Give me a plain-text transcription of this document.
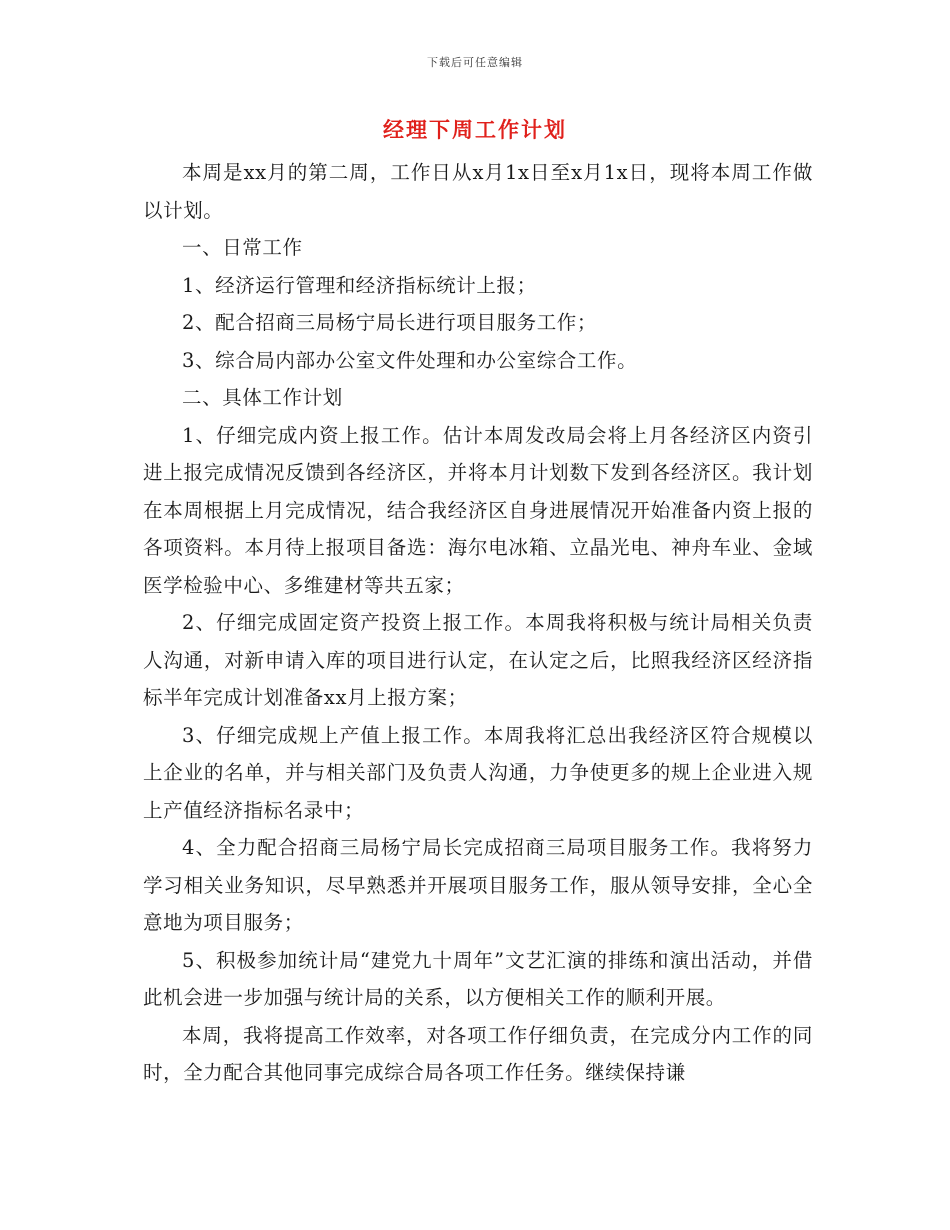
下载后可任意编辑
经理下周工作计划

本周是xx月的第二周，工作日从x月1x日至x月1x日，现将本周工作做以计划。

一、日常工作

1、经济运行管理和经济指标统计上报；

2、配合招商三局杨宁局长进行项目服务工作；

3、综合局内部办公室文件处理和办公室综合工作。

二、具体工作计划

1、仔细完成内资上报工作。估计本周发改局会将上月各经济区内资引进上报完成情况反馈到各经济区，并将本月计划数下发到各经济区。我计划在本周根据上月完成情况，结合我经济区自身进展情况开始准备内资上报的各项资料。本月待上报项目备选：海尔电冰箱、立晶光电、神舟车业、金域医学检验中心、多维建材等共五家；

2、仔细完成固定资产投资上报工作。本周我将积极与统计局相关负责人沟通，对新申请入库的项目进行认定，在认定之后，比照我经济区经济指标半年完成计划准备xx月上报方案；

3、仔细完成规上产值上报工作。本周我将汇总出我经济区符合规模以上企业的名单，并与相关部门及负责人沟通，力争使更多的规上企业进入规上产值经济指标名录中；

4、全力配合招商三局杨宁局长完成招商三局项目服务工作。我将努力学习相关业务知识，尽早熟悉并开展项目服务工作，服从领导安排，全心全意地为项目服务；

5、积极参加统计局“建党九十周年”文艺汇演的排练和演出活动，并借此机会进一步加强与统计局的关系，以方便相关工作的顺利开展。

本周，我将提高工作效率，对各项工作仔细负责，在完成分内工作的同时，全力配合其他同事完成综合局各项工作任务。继续保持谦
